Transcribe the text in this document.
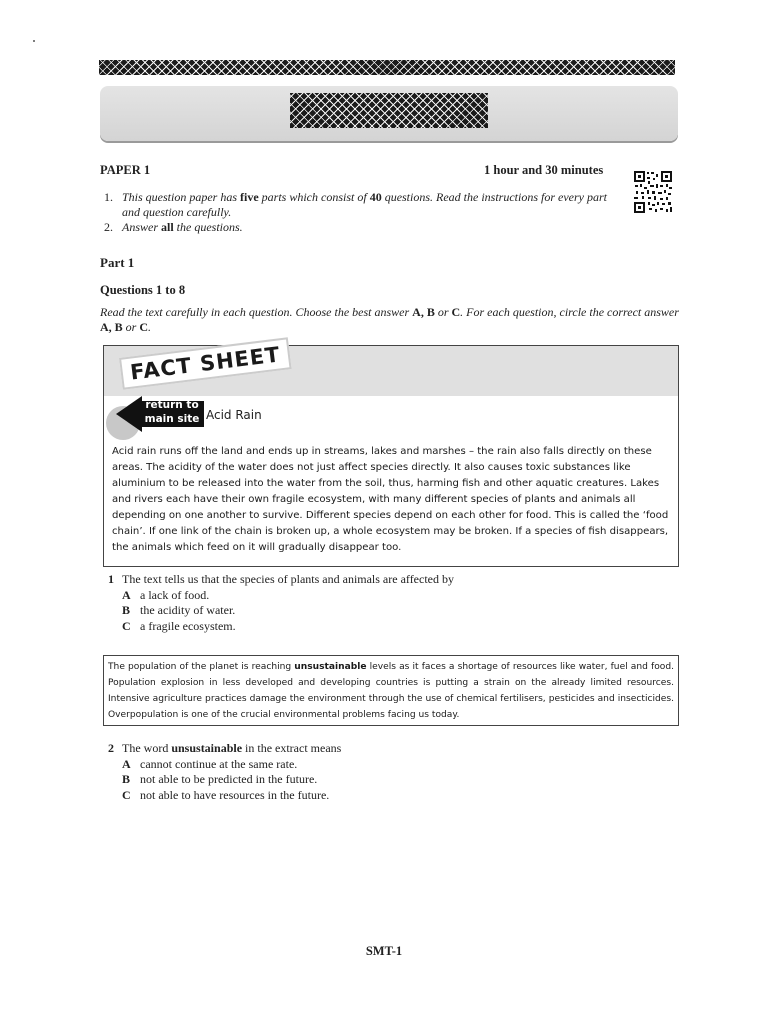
PAPER 1	1 hour and 30 minutes
1. This question paper has five parts which consist of 40 questions. Read the instructions for every part and question carefully.
2. Answer all the questions.
Part 1
Questions 1 to 8
Read the text carefully in each question. Choose the best answer A, B or C. For each question, circle the correct answer A, B or C.
FACT SHEET
return to
main site Acid Rain
Acid rain runs off the land and ends up in streams, lakes and marshes – the rain also falls directly on these areas. The acidity of the water does not just affect species directly. It also causes toxic substances like aluminium to be released into the water from the soil, thus, harming fish and other aquatic creatures. Lakes and rivers each have their own fragile ecosystem, with many different species of plants and animals all depending on one another to survive. Different species depend on each other for food. This is called the ‘food chain’. If one link of the chain is broken up, a whole ecosystem may be broken. If a species of fish disappears, the animals which feed on it will gradually disappear too.
1 The text tells us that the species of plants and animals are affected by
A a lack of food.
B the acidity of water.
C a fragile ecosystem.
The population of the planet is reaching unsustainable levels as it faces a shortage of resources like water, fuel and food. Population explosion in less developed and developing countries is putting a strain on the already limited resources. Intensive agriculture practices damage the environment through the use of chemical fertilisers, pesticides and insecticides. Overpopulation is one of the crucial environmental problems facing us today.
2 The word unsustainable in the extract means
A cannot continue at the same rate.
B not able to be predicted in the future.
C not able to have resources in the future.
SMT-1
